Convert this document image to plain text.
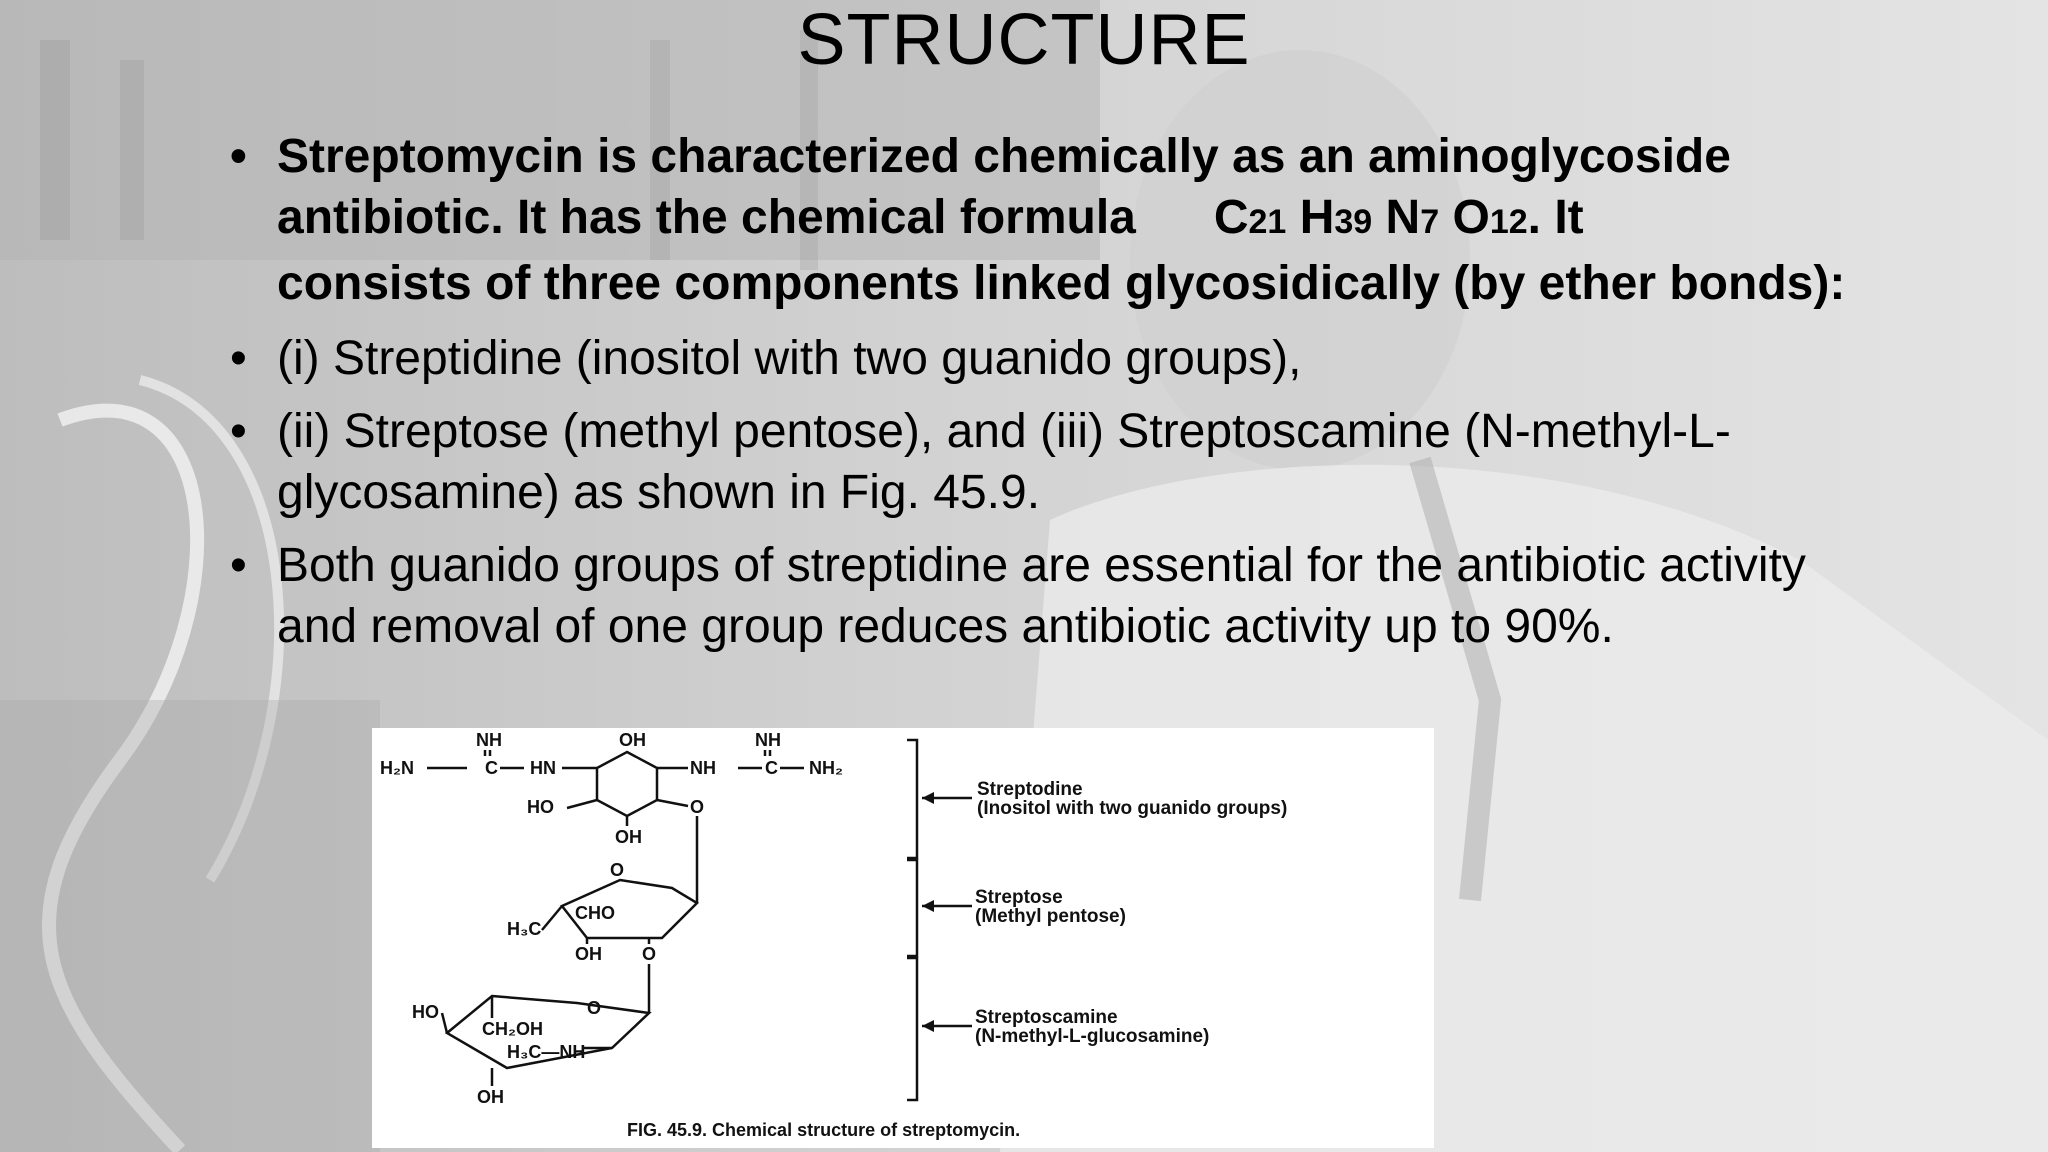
STRUCTURE
• Streptomycin is characterized chemically as an aminoglycoside
antibiotic. It has the chemical formula C21 H39 N7 O12. It
consists of three components linked glycosidically (by ether bonds):
• (i) Streptidine (inositol with two guanido groups),
• (ii) Streptose (methyl pentose), and (iii) Streptoscamine (N-methyl-L-glycosamine) as shown in Fig. 45.9.
• Both guanido groups of streptidine are essential for the antibiotic activity and removal of one group reduces antibiotic activity up to 90%.
NH
H₂N	C HN
OH
NH	C
NH
NH₂
HO
OH
O
O
CHO
H₃C
OH O
HO	O
CH₂OH
H₃C—NH
OH
Streptodine
(Inositol with two guanido groups)
Streptose
(Methyl pentose)
Streptoscamine
(N-methyl-L-glucosamine)
FIG. 45.9. Chemical structure of streptomycin.
